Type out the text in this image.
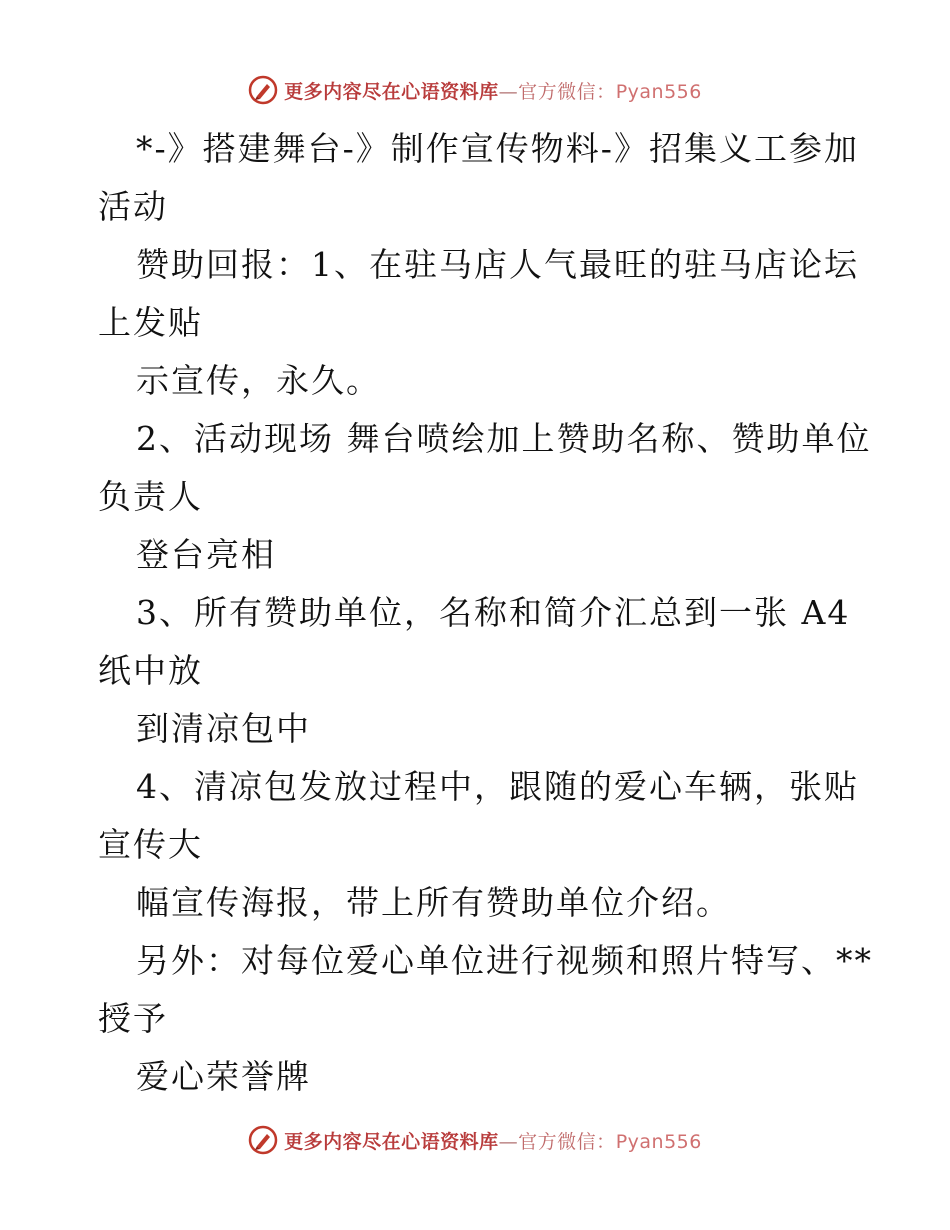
更多内容尽在心语资料库—官方微信：Pyan556
*-》搭建舞台-》制作宣传物料-》招集义工参加
活动
赞助回报：1、在驻马店人气最旺的驻马店论坛
上发贴
示宣传，永久。
2、活动现场 舞台喷绘加上赞助名称、赞助单位
负责人
登台亮相
3、所有赞助单位，名称和简介汇总到一张 A4
纸中放
到清凉包中
4、清凉包发放过程中，跟随的爱心车辆，张贴
宣传大
幅宣传海报，带上所有赞助单位介绍。
另外：对每位爱心单位进行视频和照片特写、**
授予
爱心荣誉牌
更多内容尽在心语资料库—官方微信：Pyan556
